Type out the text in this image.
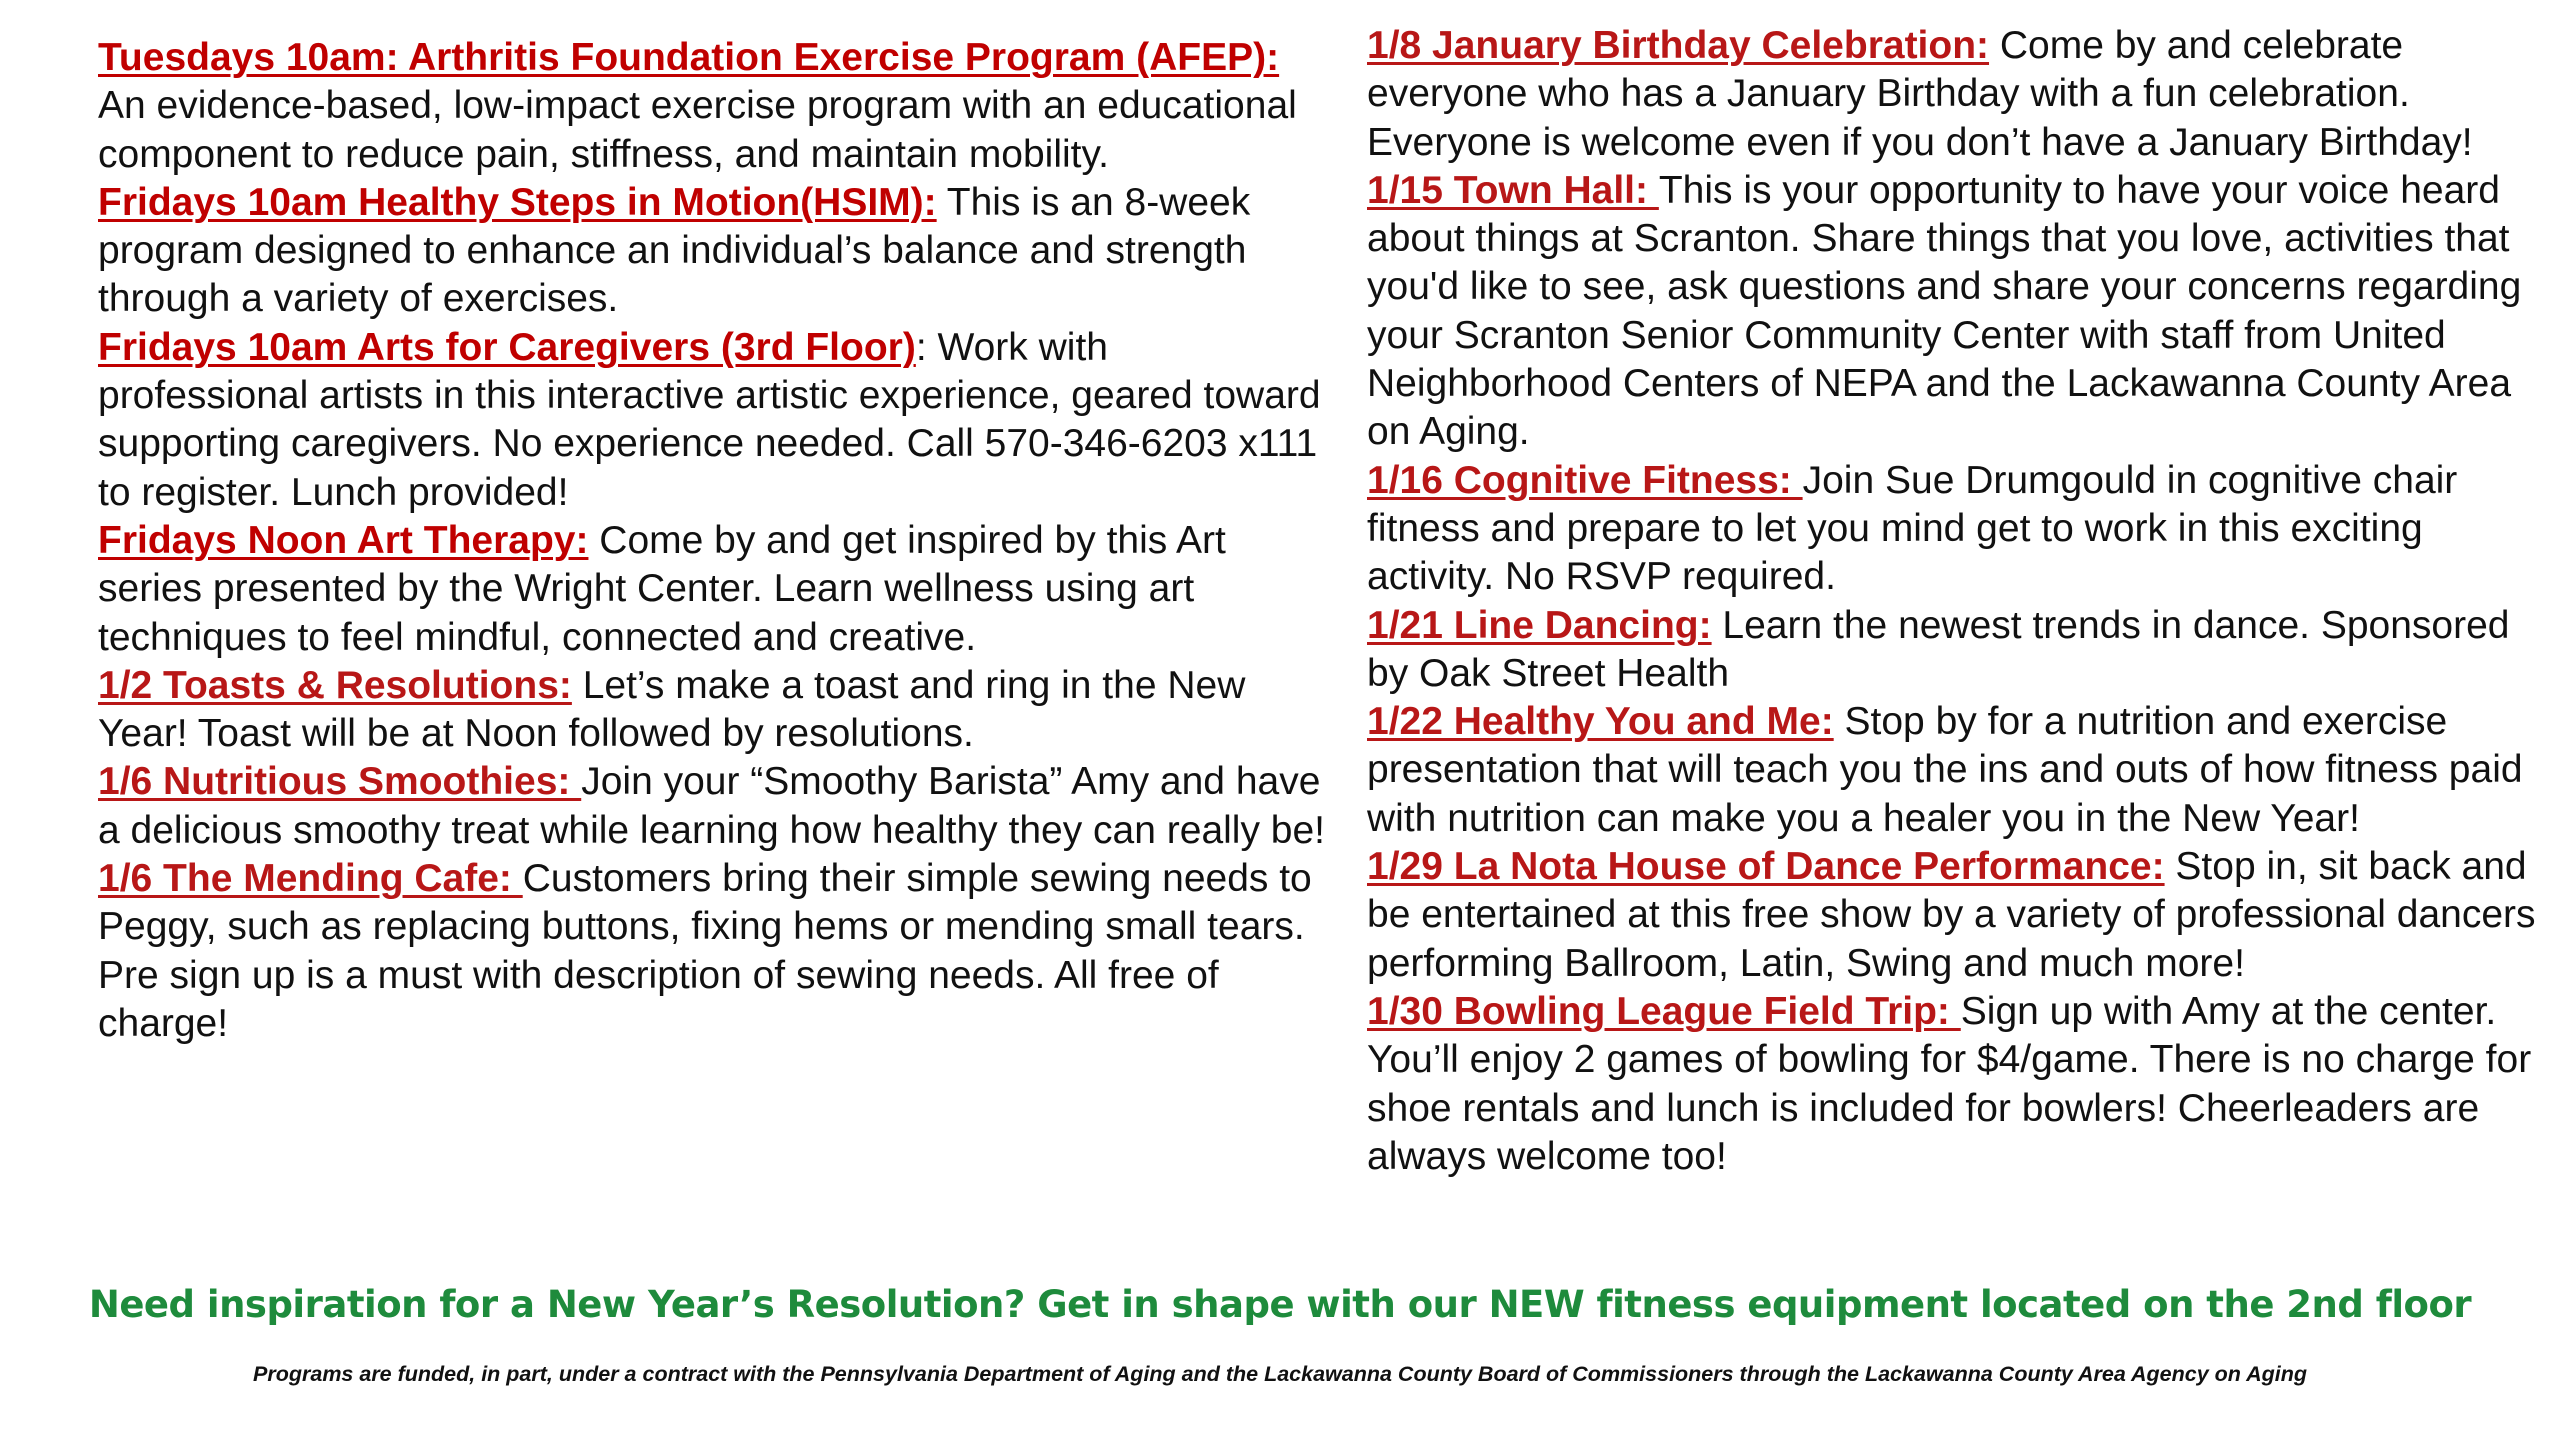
Tuesdays 10am: Arthritis Foundation Exercise Program (AFEP): An evidence-based, low-impact exercise program with an educational component to reduce pain, stiffness, and maintain mobility.

Fridays 10am Healthy Steps in Motion(HSIM): This is an 8-week program designed to enhance an individual’s balance and strength through a variety of exercises.

Fridays 10am Arts for Caregivers (3rd Floor): Work with professional artists in this interactive artistic experience, geared toward supporting caregivers. No experience needed. Call 570-346-6203 x111 to register. Lunch provided!

Fridays Noon Art Therapy: Come by and get inspired by this Art series presented by the Wright Center. Learn wellness using art techniques to feel mindful, connected and creative.

1/2 Toasts & Resolutions: Let’s make a toast and ring in the New Year! Toast will be at Noon followed by resolutions.

1/6 Nutritious Smoothies: Join your “Smoothy Barista” Amy and have a delicious smoothy treat while learning how healthy they can really be!

1/6 The Mending Cafe: Customers bring their simple sewing needs to Peggy, such as replacing buttons, fixing hems or mending small tears. Pre sign up is a must with description of sewing needs. All free of charge!

1/8 January Birthday Celebration: Come by and celebrate everyone who has a January Birthday with a fun celebration. Everyone is welcome even if you don’t have a January Birthday!

1/15 Town Hall: This is your opportunity to have your voice heard about things at Scranton. Share things that you love, activities that you'd like to see, ask questions and share your concerns regarding your Scranton Senior Community Center with staff from United Neighborhood Centers of NEPA and the Lackawanna County Area on Aging.

1/16 Cognitive Fitness: Join Sue Drumgould in cognitive chair fitness and prepare to let you mind get to work in this exciting activity. No RSVP required.

1/21 Line Dancing: Learn the newest trends in dance. Sponsored by Oak Street Health

1/22 Healthy You and Me: Stop by for a nutrition and exercise presentation that will teach you the ins and outs of how fitness paid with nutrition can make you a healer you in the New Year!

1/29 La Nota House of Dance Performance: Stop in, sit back and be entertained at this free show by a variety of professional dancers performing Ballroom, Latin, Swing and much more!

1/30 Bowling League Field Trip: Sign up with Amy at the center. You’ll enjoy 2 games of bowling for $4/game. There is no charge for shoe rentals and lunch is included for bowlers! Cheerleaders are always welcome too!

Need inspiration for a New Year’s Resolution? Get in shape with our NEW fitness equipment located on the 2nd floor
Programs are funded, in part, under a contract with the Pennsylvania Department of Aging and the Lackawanna County Board of Commissioners through the Lackawanna County Area Agency on Aging
